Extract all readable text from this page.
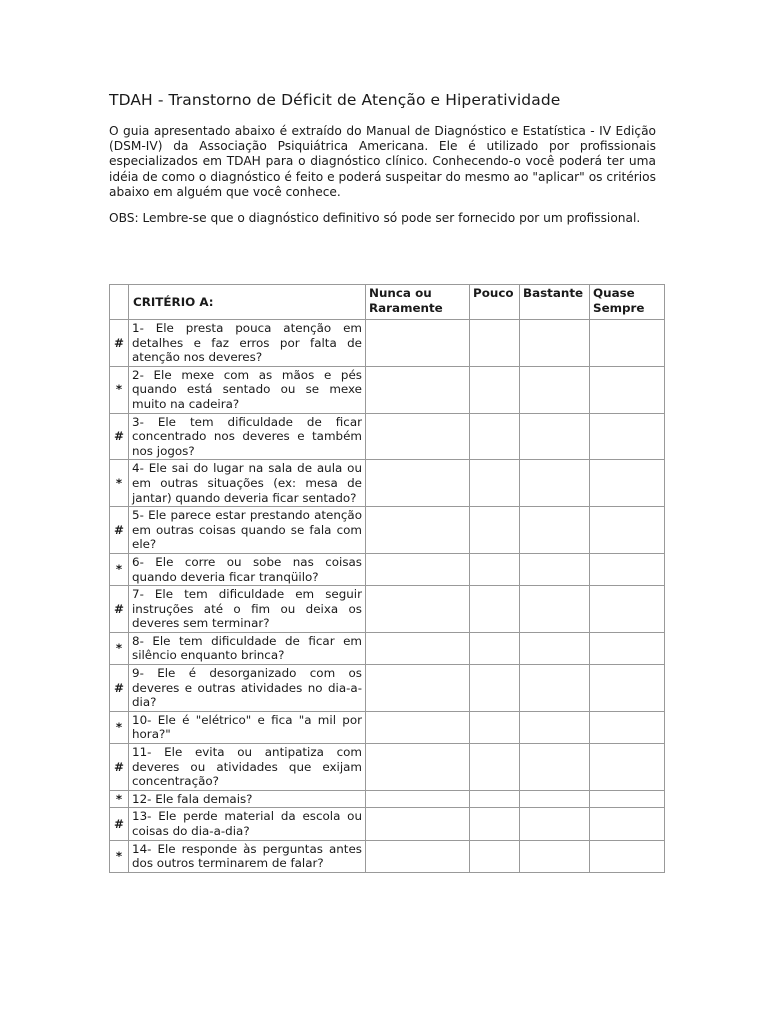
TDAH - Transtorno de Déficit de Atenção e Hiperatividade

O guia apresentado abaixo é extraído do Manual de Diagnóstico e Estatística - IV Edição (DSM-IV) da Associação Psiquiátrica Americana. Ele é utilizado por profissionais especializados em TDAH para o diagnóstico clínico. Conhecendo-o você poderá ter uma idéia de como o diagnóstico é feito e poderá suspeitar do mesmo ao "aplicar" os critérios abaixo em alguém que você conhece.

OBS: Lembre-se que o diagnóstico definitivo só pode ser fornecido por um profissional.

	CRITÉRIO A:	Nunca ou Raramente	Pouco	Bastante	Quase Sempre
#	1- Ele presta pouca atenção em detalhes e faz erros por falta de atenção nos deveres?				
*	2- Ele mexe com as mãos e pés quando está sentado ou se mexe muito na cadeira?				
#	3- Ele tem dificuldade de ficar concentrado nos deveres e também nos jogos?				
*	4- Ele sai do lugar na sala de aula ou em outras situações (ex: mesa de jantar) quando deveria ficar sentado?				
#	5- Ele parece estar prestando atenção em outras coisas quando se fala com ele?				
*	6- Ele corre ou sobe nas coisas quando deveria ficar tranqüilo?				
#	7- Ele tem dificuldade em seguir instruções até o fim ou deixa os deveres sem terminar?				
*	8- Ele tem dificuldade de ficar em silêncio enquanto brinca?				
#	9- Ele é desorganizado com os deveres e outras atividades no dia-a-dia?				
*	10- Ele é "elétrico" e fica "a mil por hora?"				
#	11- Ele evita ou antipatiza com deveres ou atividades que exijam concentração?				
*	12- Ele fala demais?				
#	13- Ele perde material da escola ou coisas do dia-a-dia?				
*	14- Ele responde às perguntas antes dos outros terminarem de falar?				
